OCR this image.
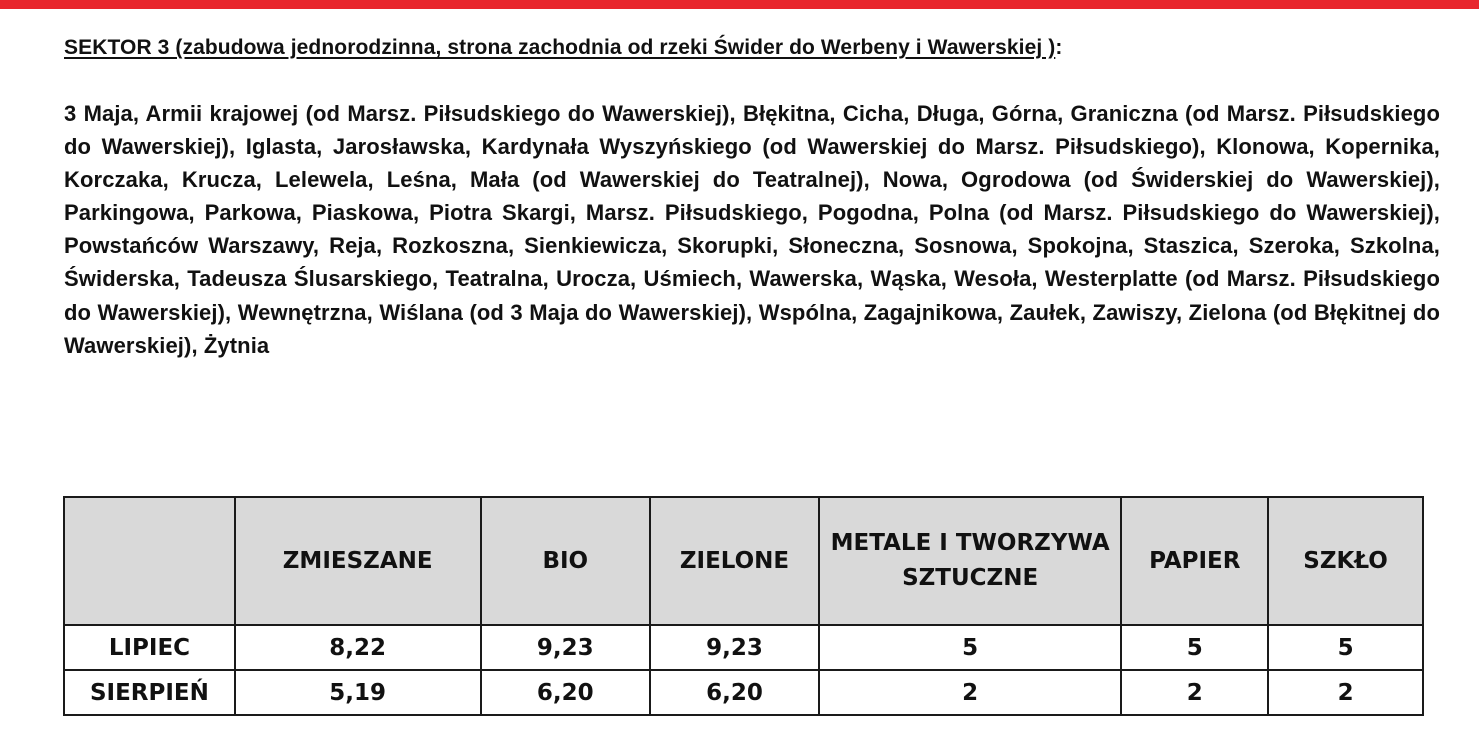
SEKTOR 3 (zabudowa jednorodzinna, strona zachodnia od rzeki Świder do Werbeny i Wawerskiej ):
3 Maja, Armii krajowej (od Marsz. Piłsudskiego do Wawerskiej), Błękitna, Cicha, Długa, Górna, Graniczna (od Marsz. Piłsudskiego do Wawerskiej), Iglasta, Jarosławska, Kardynała Wyszyńskiego (od Wawerskiej do Marsz. Piłsudskiego), Klonowa, Kopernika, Korczaka, Krucza, Lelewela, Leśna, Mała (od Wawerskiej do Teatralnej), Nowa, Ogrodowa (od Świderskiej do Wawerskiej), Parkingowa, Parkowa, Piaskowa, Piotra Skargi, Marsz. Piłsudskiego, Pogodna, Polna (od Marsz. Piłsudskiego do Wawerskiej), Powstańców Warszawy, Reja, Rozkoszna, Sienkiewicza, Skorupki, Słoneczna, Sosnowa, Spokojna, Staszica, Szeroka, Szkolna, Świderska, Tadeusza Ślusarskiego, Teatralna, Urocza, Uśmiech, Wawerska, Wąska, Wesoła, Westerplatte (od Marsz. Piłsudskiego do Wawerskiej), Wewnętrzna, Wiślana (od 3 Maja do Wawerskiej), Wspólna, Zagajnikowa, Zaułek, Zawiszy, Zielona (od Błękitnej do Wawerskiej), Żytnia
	ZMIESZANE	BIO	ZIELONE	METALE I TWORZYWA SZTUCZNE	PAPIER	SZKŁO
LIPIEC	8,22	9,23	9,23	5	5	5
SIERPIEŃ	5,19	6,20	6,20	2	2	2
